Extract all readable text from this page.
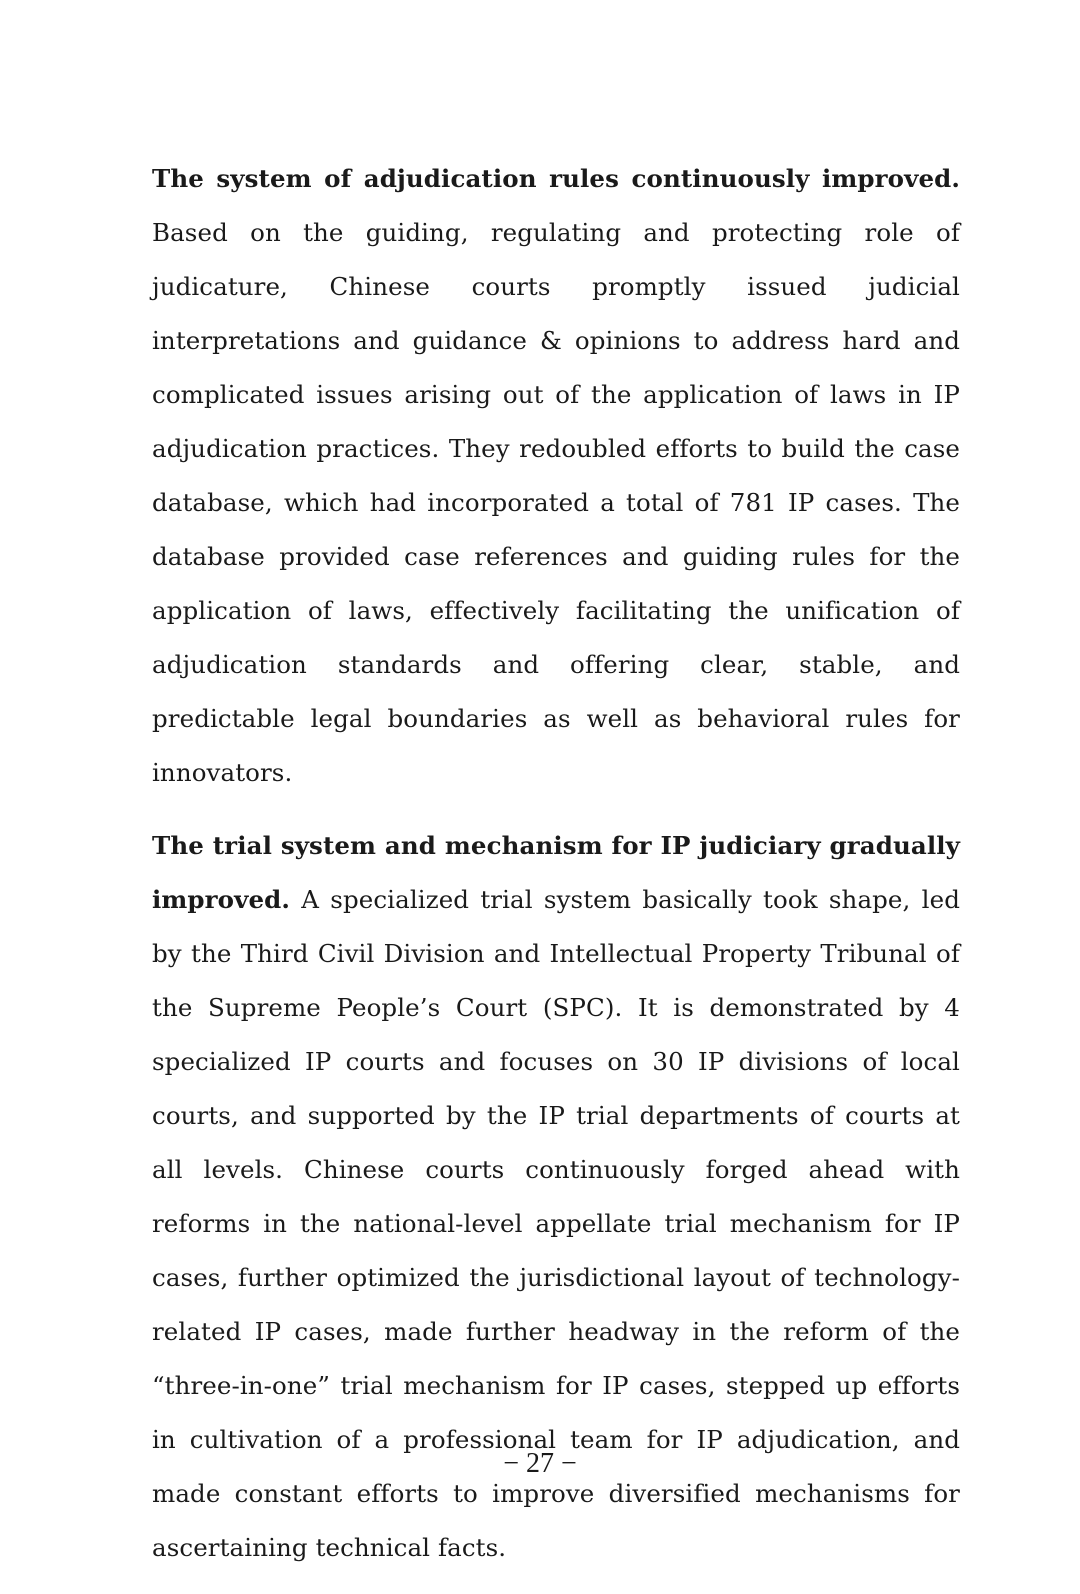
The system of adjudication rules continuously improved. Based on the guiding, regulating and protecting role of judicature, Chinese courts promptly issued judicial interpretations and guidance & opinions to address hard and complicated issues arising out of the application of laws in IP adjudication practices. They redoubled efforts to build the case database, which had incorporated a total of 781 IP cases. The database provided case references and guiding rules for the application of laws, effectively facilitating the unification of adjudication standards and offering clear, stable, and predictable legal boundaries as well as behavioral rules for innovators.

The trial system and mechanism for IP judiciary gradually improved. A specialized trial system basically took shape, led by the Third Civil Division and Intellectual Property Tribunal of the Supreme People’s Court (SPC). It is demonstrated by 4 specialized IP courts and focuses on 30 IP divisions of local courts, and supported by the IP trial departments of courts at all levels. Chinese courts continuously forged ahead with reforms in the national-level appellate trial mechanism for IP cases, further optimized the jurisdictional layout of technology-related IP cases, made further headway in the reform of the “three-in-one” trial mechanism for IP cases, stepped up efforts in cultivation of a professional team for IP adjudication, and made constant efforts to improve diversified mechanisms for ascertaining technical facts.

− 27 −
